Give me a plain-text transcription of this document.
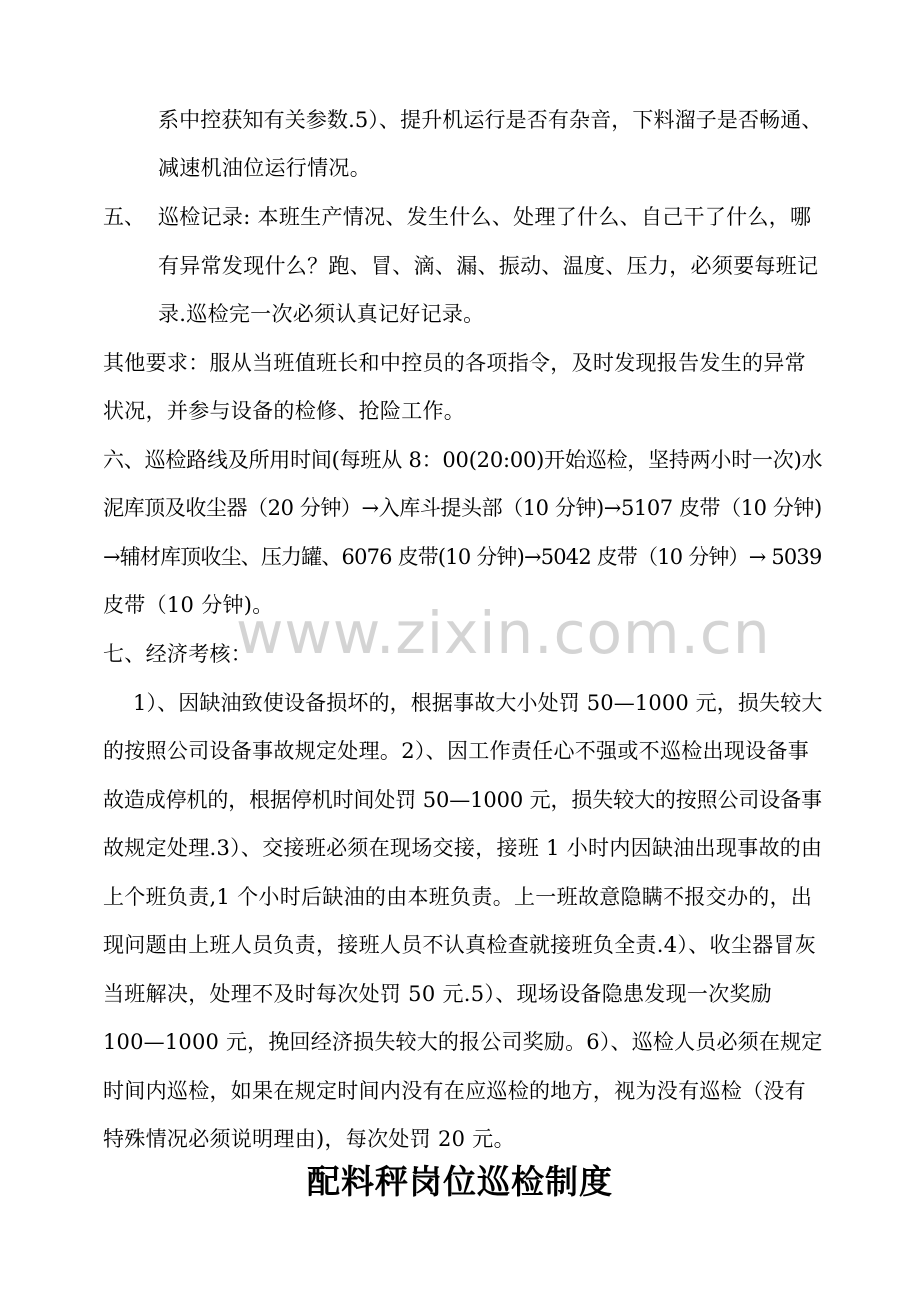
系中控获知有关参数.5）、提升机运行是否有杂音，下料溜子是否畅通、
减速机油位运行情况。
五、 巡检记录: 本班生产情况、发生什么、处理了什么、自己干了什么，哪
有异常发现什么？跑、冒、滴、漏、振动、温度、压力，必须要每班记
录.巡检完一次必须认真记好记录。
其他要求：服从当班值班长和中控员的各项指令，及时发现报告发生的异常
状况，并参与设备的检修、抢险工作。
六、巡检路线及所用时间(每班从 8：00(20:00)开始巡检，坚持两小时一次)水
泥库顶及收尘器（20 分钟）→入库斗提头部（10 分钟)→5107 皮带（10 分钟)
→辅材库顶收尘、压力罐、6076 皮带(10 分钟)→5042 皮带（10 分钟）→ 5039
皮带（10 分钟)。
七、经济考核：
1）、因缺油致使设备损坏的，根据事故大小处罚 50—1000 元，损失较大
的按照公司设备事故规定处理。2）、因工作责任心不强或不巡检出现设备事
故造成停机的，根据停机时间处罚 50—1000 元，损失较大的按照公司设备事
故规定处理.3）、交接班必须在现场交接，接班 1 小时内因缺油出现事故的由
上个班负责,1 个小时后缺油的由本班负责。上一班故意隐瞒不报交办的，出
现问题由上班人员负责，接班人员不认真检查就接班负全责.4）、收尘器冒灰
当班解决，处理不及时每次处罚 50 元.5）、现场设备隐患发现一次奖励
100—1000 元，挽回经济损失较大的报公司奖励。6）、巡检人员必须在规定
时间内巡检，如果在规定时间内没有在应巡检的地方，视为没有巡检（没有
特殊情况必须说明理由)，每次处罚 20 元。
配料秤岗位巡检制度
www.zixin.com.cn
